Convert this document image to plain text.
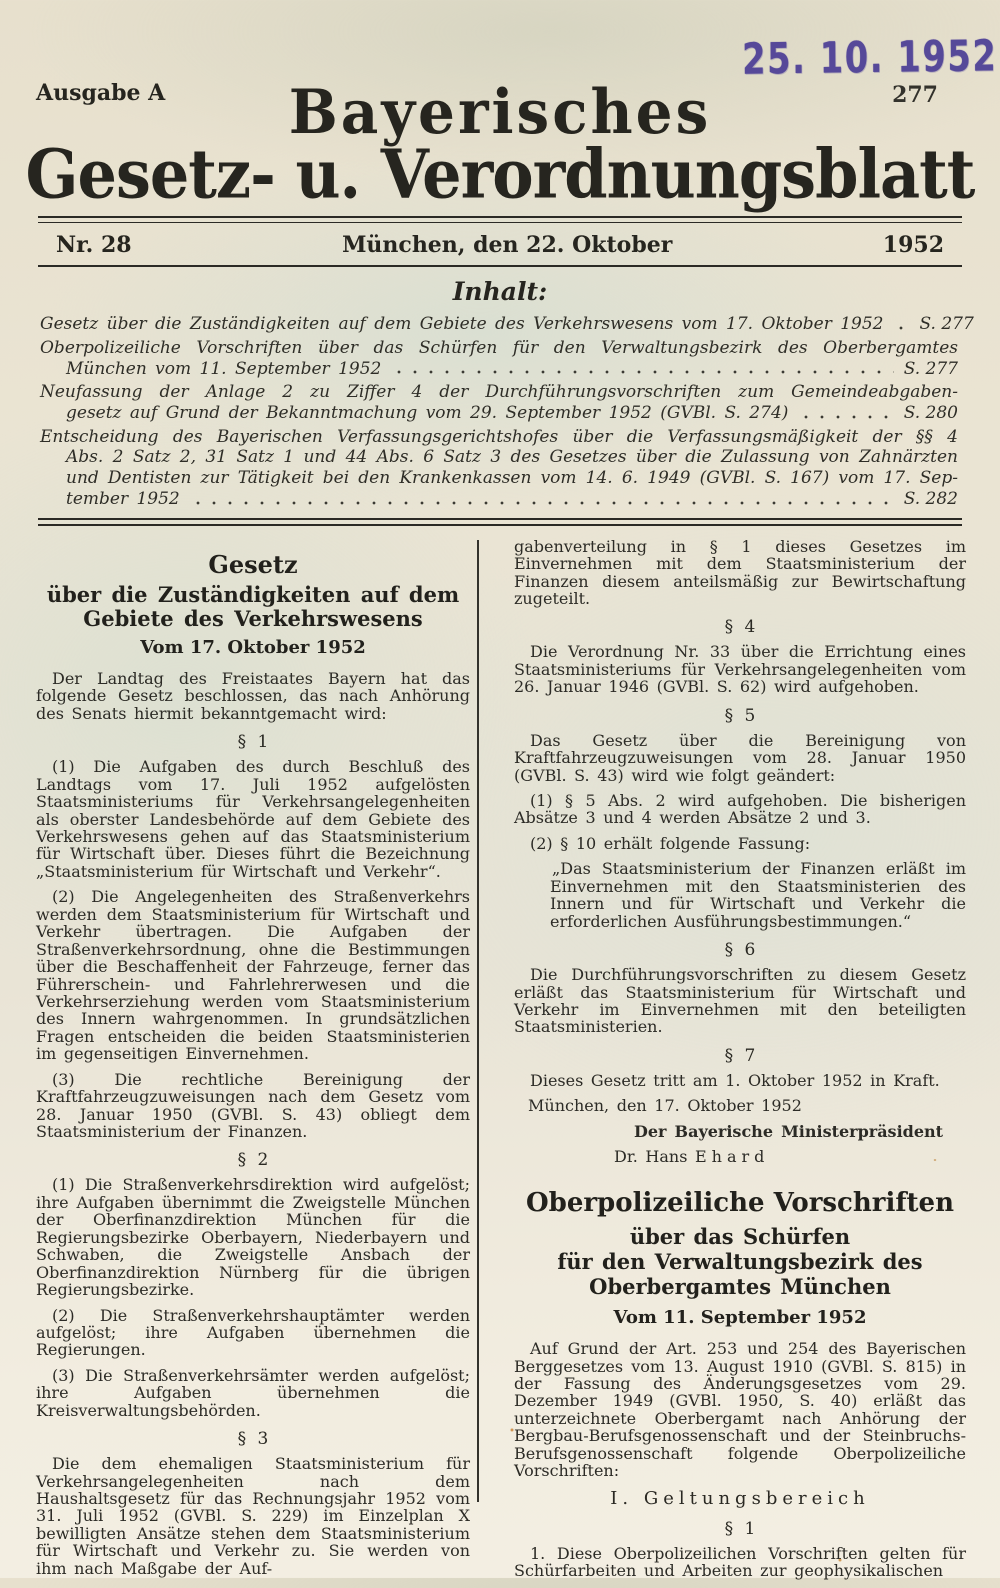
Ausgabe A
25. 10. 1952
277
Bayerisches
Gesetz- u. Verordnungsblatt
Nr. 28	München, den 22. Oktober	1952
Inhalt:
Gesetz über die Zuständigkeiten auf dem Gebiete des Verkehrswesens vom 17. Oktober 1952 S. 277
Oberpolizeiliche Vorschriften über das Schürfen für den Verwaltungsbezirk des Oberbergamtes
München vom 11. September 1952	S. 277
Neufassung der Anlage 2 zu Ziffer 4 der Durchführungsvorschriften zum Gemeindeabgaben-
gesetz auf Grund der Bekanntmachung vom 29. September 1952 (GVBl. S. 274)	S. 280
Entscheidung des Bayerischen Verfassungsgerichtshofes über die Verfassungsmäßigkeit der §§ 4
Abs. 2 Satz 2, 31 Satz 1 und 44 Abs. 6 Satz 3 des Gesetzes über die Zulassung von Zahnärzten
und Dentisten zur Tätigkeit bei den Krankenkassen vom 14. 6. 1949 (GVBl. S. 167) vom 17. Sep-
tember 1952	S. 282
Gesetz
über die Zuständigkeiten auf dem Gebiete des Verkehrswesens
Vom 17. Oktober 1952

Der Landtag des Freistaates Bayern hat das folgende Gesetz beschlossen, das nach Anhörung des Senats hiermit bekanntgemacht wird:

§ 1

(1) Die Aufgaben des durch Beschluß des Landtags vom 17. Juli 1952 aufgelösten Staatsministeriums für Verkehrsangelegenheiten als oberster Landesbehörde auf dem Gebiete des Verkehrswesens gehen auf das Staatsministerium für Wirtschaft über. Dieses führt die Bezeichnung „Staatsministerium für Wirtschaft und Verkehr“.

(2) Die Angelegenheiten des Straßenverkehrs werden dem Staatsministerium für Wirtschaft und Verkehr übertragen. Die Aufgaben der Straßenverkehrsordnung, ohne die Bestimmungen über die Beschaffenheit der Fahrzeuge, ferner das Führerschein- und Fahrlehrerwesen und die Verkehrserziehung werden vom Staatsministerium des Innern wahrgenommen. In grundsätzlichen Fragen entscheiden die beiden Staatsministerien im gegenseitigen Einvernehmen.

(3) Die rechtliche Bereinigung der Kraftfahrzeugzuweisungen nach dem Gesetz vom 28. Januar 1950 (GVBl. S. 43) obliegt dem Staatsministerium der Finanzen.

§ 2

(1) Die Straßenverkehrsdirektion wird aufgelöst; ihre Aufgaben übernimmt die Zweigstelle München der Oberfinanzdirektion München für die Regierungsbezirke Oberbayern, Niederbayern und Schwaben, die Zweigstelle Ansbach der Oberfinanzdirektion Nürnberg für die übrigen Regierungsbezirke.

(2) Die Straßenverkehrshauptämter werden aufgelöst; ihre Aufgaben übernehmen die Regierungen.

(3) Die Straßenverkehrsämter werden aufgelöst; ihre Aufgaben übernehmen die Kreisverwaltungsbehörden.

§ 3

Die dem ehemaligen Staatsministerium für Verkehrsangelegenheiten nach dem Haushaltsgesetz für das Rechnungsjahr 1952 vom 31. Juli 1952 (GVBl. S. 229) im Einzelplan X bewilligten Ansätze stehen dem Staatsministerium für Wirtschaft und Verkehr zu. Sie werden von ihm nach Maßgabe der Auf-

gabenverteilung in § 1 dieses Gesetzes im Einvernehmen mit dem Staatsministerium der Finanzen diesem anteilsmäßig zur Bewirtschaftung zugeteilt.

§ 4

Die Verordnung Nr. 33 über die Errichtung eines Staatsministeriums für Verkehrsangelegenheiten vom 26. Januar 1946 (GVBl. S. 62) wird aufgehoben.

§ 5

Das Gesetz über die Bereinigung von Kraftfahrzeugzuweisungen vom 28. Januar 1950 (GVBl. S. 43) wird wie folgt geändert:

(1) § 5 Abs. 2 wird aufgehoben. Die bisherigen Absätze 3 und 4 werden Absätze 2 und 3.

(2) § 10 erhält folgende Fassung:

„Das Staatsministerium der Finanzen erläßt im Einvernehmen mit den Staatsministerien des Innern und für Wirtschaft und Verkehr die erforderlichen Ausführungsbestimmungen.“

§ 6

Die Durchführungsvorschriften zu diesem Gesetz erläßt das Staatsministerium für Wirtschaft und Verkehr im Einvernehmen mit den beteiligten Staatsministerien.

§ 7

Dieses Gesetz tritt am 1. Oktober 1952 in Kraft.

München, den 17. Oktober 1952

Der Bayerische Ministerpräsident

Dr. Hans Ehard

Oberpolizeiliche Vorschriften
über das Schürfen
für den Verwaltungsbezirk des Oberbergamtes München
Vom 11. September 1952

Auf Grund der Art. 253 und 254 des Bayerischen Berggesetzes vom 13. August 1910 (GVBl. S. 815) in der Fassung des Änderungsgesetzes vom 29. Dezember 1949 (GVBl. 1950, S. 40) erläßt das unterzeichnete Oberbergamt nach Anhörung der Bergbau-Berufsgenossenschaft und der Steinbruchs-Berufsgenossenschaft folgende Oberpolizeiliche Vorschriften:

I. Geltungsbereich
§ 1

1. Diese Oberpolizeilichen Vorschriften gelten für Schürfarbeiten und Arbeiten zur geophysikalischen
